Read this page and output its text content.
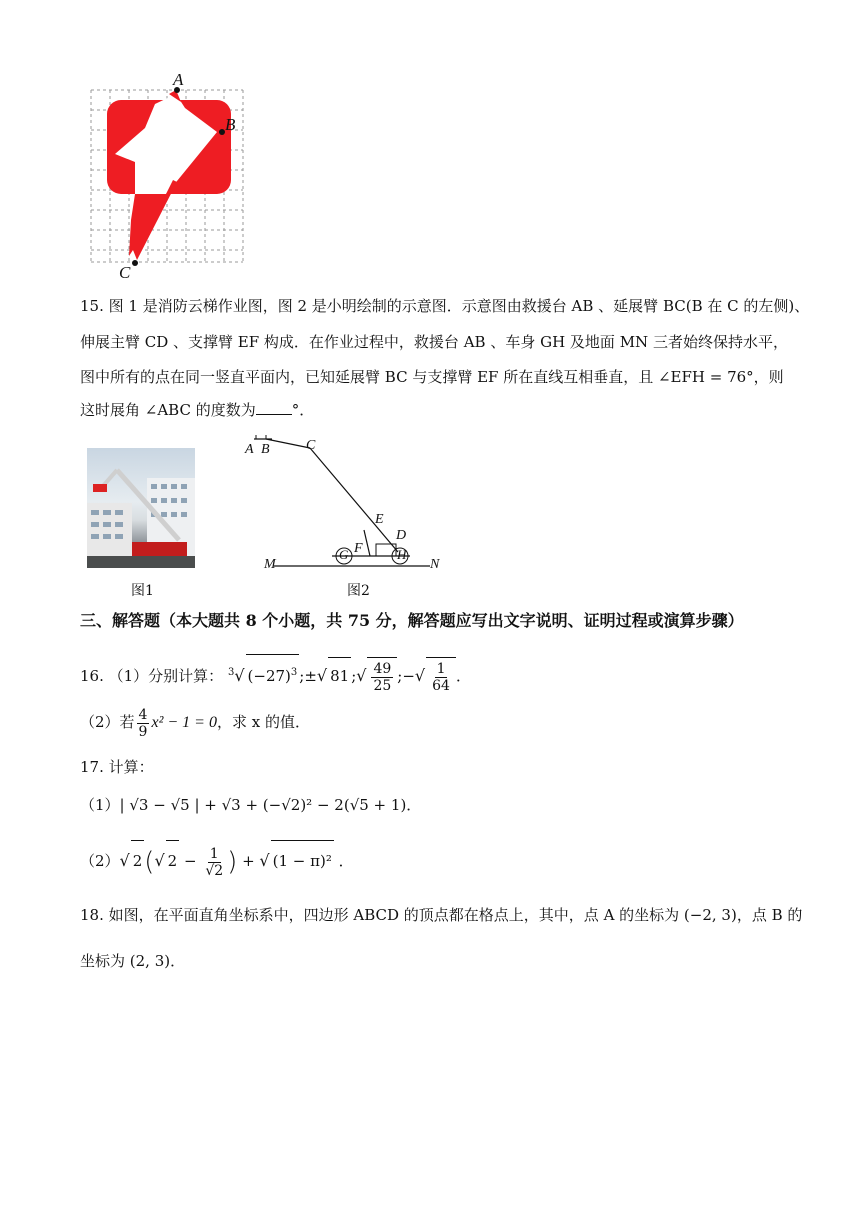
A
B
C
15. 图 1 是消防云梯作业图，图 2 是小明绘制的示意图．示意图由救援台 AB 、延展臂 BC(B 在 C 的左侧)、
伸展主臂 CD 、支撑臂 EF 构成．在作业过程中，救援台 AB 、车身 GH 及地面 MN 三者始终保持水平，
图中所有的点在同一竖直平面内，已知延展臂 BC 与支撑臂 EF 所在直线互相垂直，且 ∠EFH = 76°，则
这时展角 ∠ABC 的度数为 °．
图1
A B	C
E
D
F
G	H
M	N
图2
三、解答题（本大题共 8 个小题，共 75 分，解答题应写出文字说明、证明过程或演算步骤）
16. （1）分别计算： $^3$√ $(-27)^3$ ;±√ 81 ;√ $\frac{49}{25}$ ;−√ $\frac{1}{64}$ ．
（2）若 $\frac{4}{9} x^2 - 1 = 0$，求 x 的值．
17. 计算：
（1）| √3 − √5 | + √3 + (−√2)² − 2(√5 + 1)．
（2）√ 2(√ $2 - \frac{1}{√2}$ ) + √ (1 − π)² ．
18. 如图，在平面直角坐标系中，四边形 ABCD 的顶点都在格点上，其中，点 A 的坐标为 (−2, 3)，点 B 的
坐标为 (2, 3)．
